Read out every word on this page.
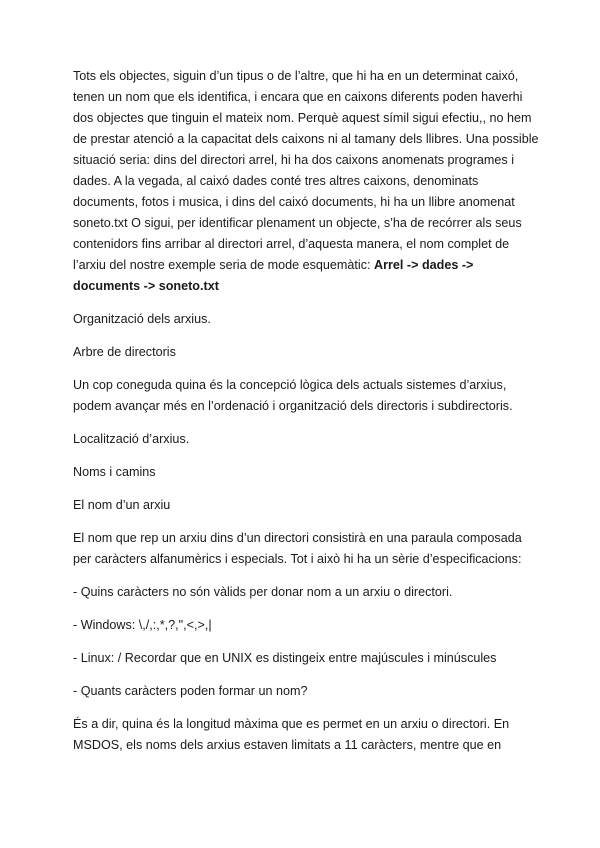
Tots els objectes, siguin d’un tipus o de l’altre, que hi ha en un determinat caixó, tenen un nom que els identifica, i encara que en caixons diferents poden haverhi dos objectes que tinguin el mateix nom. Perquè aquest símil sigui efectiu,, no hem de prestar atenció a la capacitat dels caixons ni al tamany dels llibres. Una possible situació seria: dins del directori arrel, hi ha dos caixons anomenats programes i dades. A la vegada, al caixó dades conté tres altres caixons, denominats documents, fotos i musica, i dins del caixó documents, hi ha un llibre anomenat soneto.txt O sigui, per identificar plenament un objecte, s’ha de recórrer als seus contenidors fins arribar al directori arrel, d’aquesta manera, el nom complet de l’arxiu del nostre exemple seria de mode esquemàtic: Arrel -> dades -> documents -> soneto.txt

Organització dels arxius.

Arbre de directoris

Un cop coneguda quina és la concepció lògica dels actuals sistemes d’arxius, podem avançar més en l’ordenació i organització dels directoris i subdirectoris.

Localització d’arxius.

Noms i camins

El nom d’un arxiu

El nom que rep un arxiu dins d’un directori consistirà en una paraula composada per caràcters alfanumèrics i especials. Tot i això hi ha un sèrie d’especificacions:

- Quins caràcters no són vàlids per donar nom a un arxiu o directori.

- Windows: \,/,:,*,?,",<,>,|

- Linux: / Recordar que en UNIX es distingeix entre majúscules i minúscules

- Quants caràcters poden formar un nom?

És a dir, quina és la longitud màxima que es permet en un arxiu o directori. En MSDOS, els noms dels arxius estaven limitats a 11 caràcters, mentre que en
